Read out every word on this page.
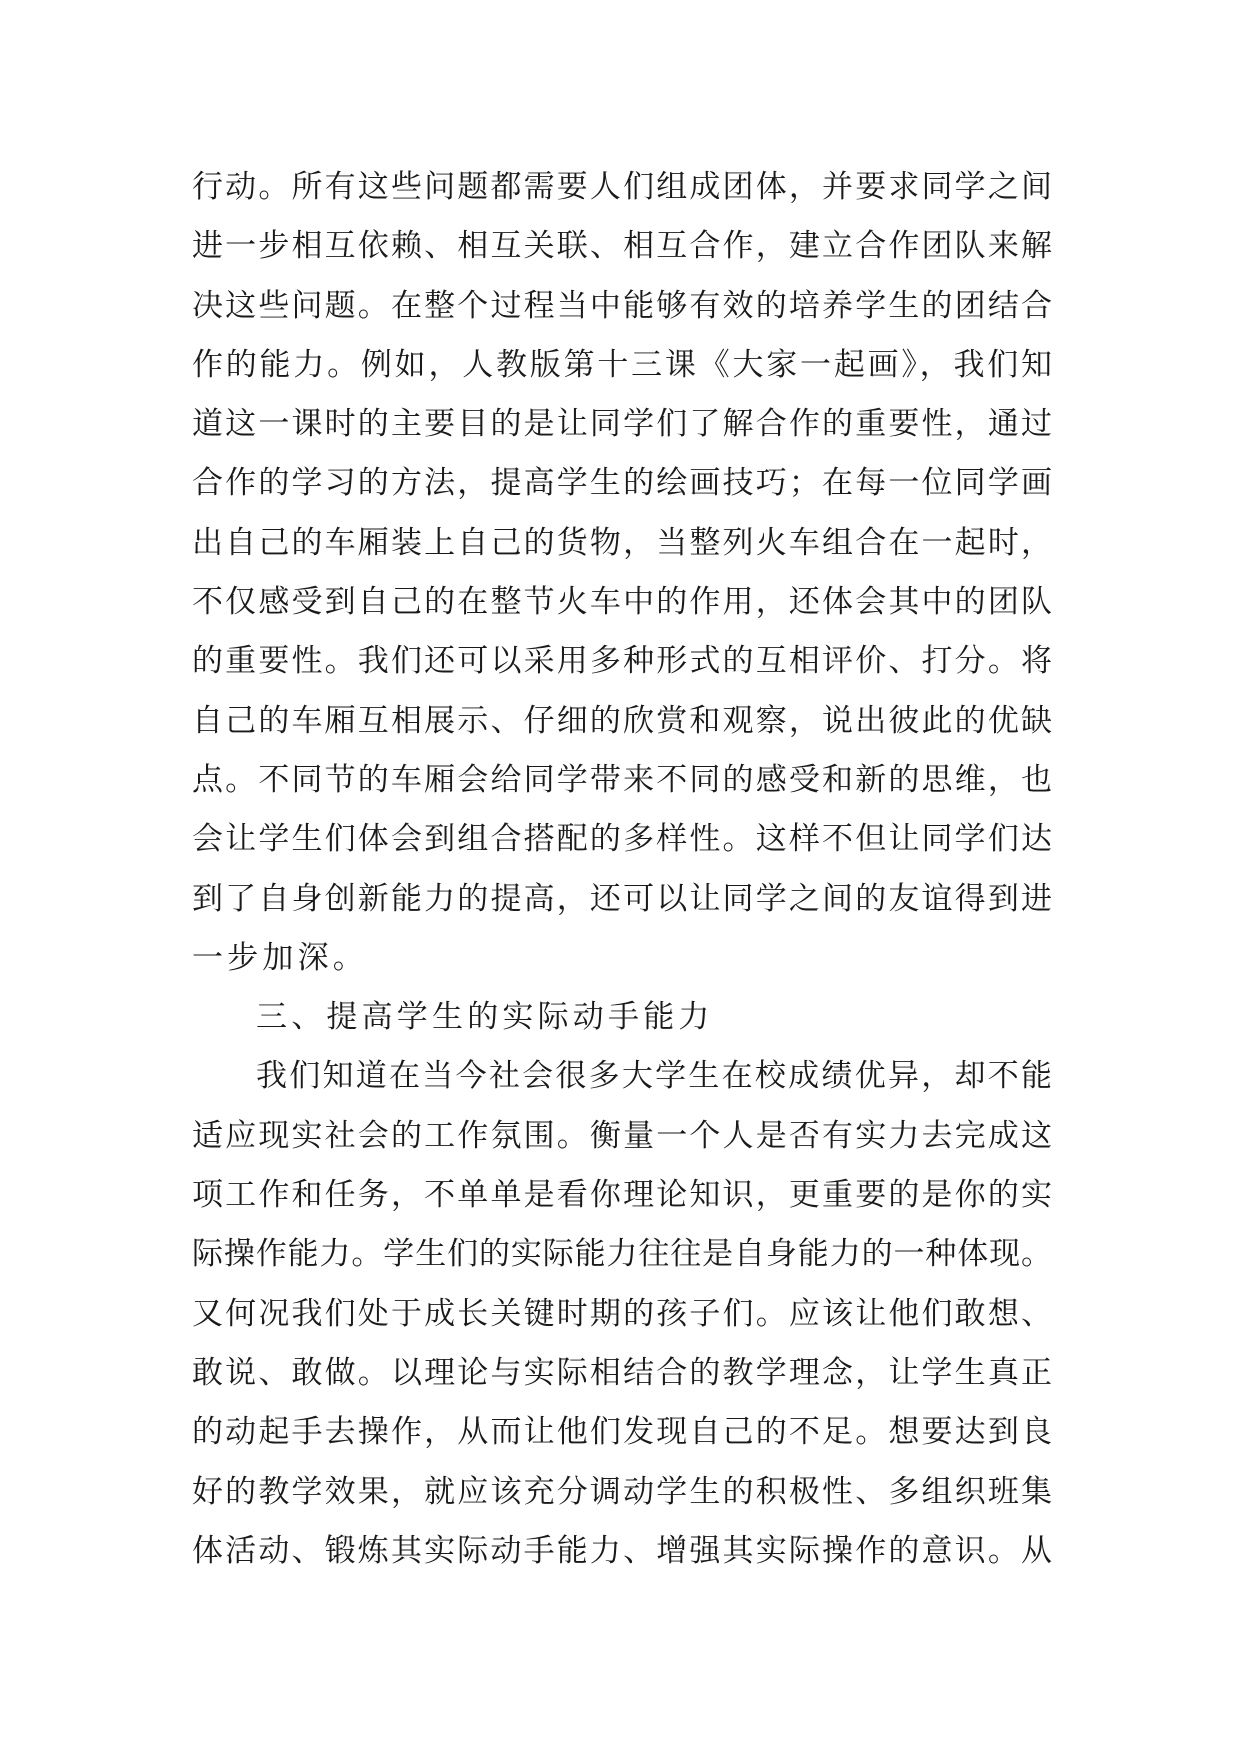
行动。所有这些问题都需要人们组成团体，并要求同学之间
进一步相互依赖、相互关联、相互合作，建立合作团队来解
决这些问题。在整个过程当中能够有效的培养学生的团结合
作的能力。例如，人教版第十三课《大家一起画》，我们知
道这一课时的主要目的是让同学们了解合作的重要性，通过
合作的学习的方法，提高学生的绘画技巧；在每一位同学画
出自己的车厢装上自己的货物，当整列火车组合在一起时，
不仅感受到自己的在整节火车中的作用，还体会其中的团队
的重要性。我们还可以采用多种形式的互相评价、打分。将
自己的车厢互相展示、仔细的欣赏和观察，说出彼此的优缺
点。不同节的车厢会给同学带来不同的感受和新的思维，也
会让学生们体会到组合搭配的多样性。这样不但让同学们达
到了自身创新能力的提高，还可以让同学之间的友谊得到进
一步加深。
三、提高学生的实际动手能力
我们知道在当今社会很多大学生在校成绩优异，却不能
适应现实社会的工作氛围。衡量一个人是否有实力去完成这
项工作和任务，不单单是看你理论知识，更重要的是你的实
际操作能力。学生们的实际能力往往是自身能力的一种体现。
又何况我们处于成长关键时期的孩子们。应该让他们敢想、
敢说、敢做。以理论与实际相结合的教学理念，让学生真正
的动起手去操作，从而让他们发现自己的不足。想要达到良
好的教学效果，就应该充分调动学生的积极性、多组织班集
体活动、锻炼其实际动手能力、增强其实际操作的意识。从
